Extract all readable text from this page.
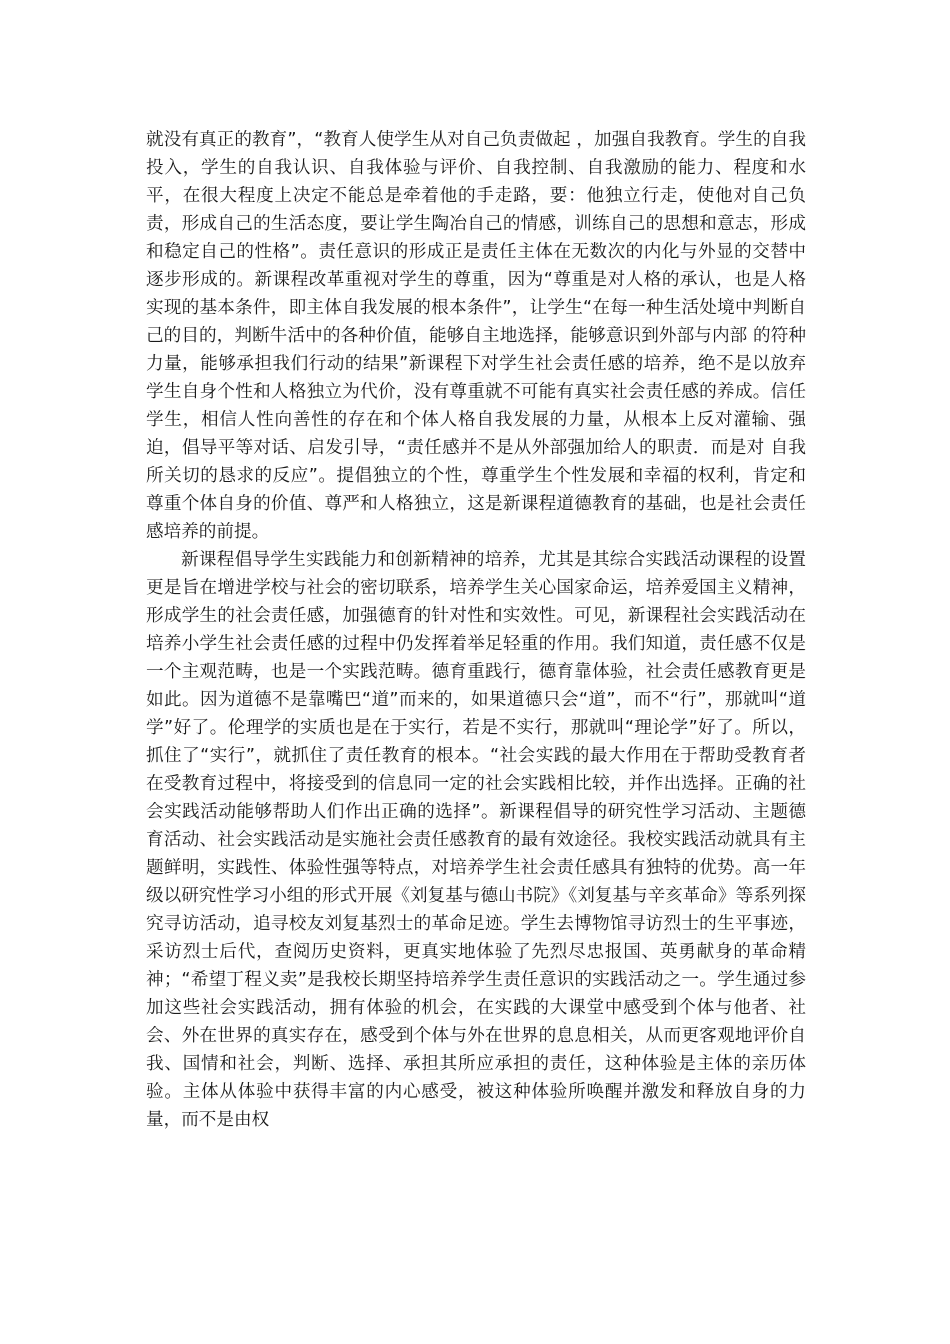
就没有真正的教育”，“教育人使学生从对自己负责做起 ，加强自我教育。学生的自我投入，学生的自我认识、自我体验与评价、自我控制、自我激励的能力、程度和水平，在很大程度上决定不能总是牵着他的手走路，要：他独立行走，使他对自己负责，形成自己的生活态度，要让学生陶冶自己的情感，训练自己的思想和意志，形成和稳定自己的性格”。责任意识的形成正是责任主体在无数次的内化与外显的交替中逐步形成的。新课程改革重视对学生的尊重，因为“尊重是对人格的承认，也是人格实现的基本条件，即主体自我发展的根本条件”，让学生“在每一种生活处境中判断自己的目的，判断牛活中的各种价值，能够自主地选择，能够意识到外部与内部 的符种力量，能够承担我们行动的结果”新课程下对学生社会责任感的培养，绝不是以放弃学生自身个性和人格独立为代价，没有尊重就不可能有真实社会责任感的养成。信任学生，相信人性向善性的存在和个体人格自我发展的力量，从根本上反对灌输、强迫，倡导平等对话、启发引导，“责任感并不是从外部强加给人的职责．而是对 自我所关切的恳求的反应”。提倡独立的个性，尊重学生个性发展和幸福的权利，肯定和尊重个体自身的价值、尊严和人格独立，这是新课程道德教育的基础，也是社会责任感培养的前提。

新课程倡导学生实践能力和创新精神的培养，尤其是其综合实践活动课程的设置更是旨在增进学校与社会的密切联系，培养学生关心国家命运，培养爱国主义精神，形成学生的社会责任感，加强德育的针对性和实效性。可见，新课程社会实践活动在培养小学生社会责任感的过程中仍发挥着举足轻重的作用。我们知道，责任感不仅是一个主观范畴，也是一个实践范畴。德育重践行，德育靠体验，社会责任感教育更是如此。因为道德不是靠嘴巴“道”而来的，如果道德只会“道”，而不“行”，那就叫“道学”好了。伦理学的实质也是在于实行，若是不实行，那就叫“理论学”好了。所以，抓住了“实行”，就抓住了责任教育的根本。“社会实践的最大作用在于帮助受教育者在受教育过程中，将接受到的信息同一定的社会实践相比较，并作出选择。正确的社会实践活动能够帮助人们作出正确的选择”。新课程倡导的研究性学习活动、主题德育活动、社会实践活动是实施社会责任感教育的最有效途径。我校实践活动就具有主题鲜明，实践性、体验性强等特点，对培养学生社会责任感具有独特的优势。高一年级以研究性学习小组的形式开展《刘复基与德山书院》《刘复基与辛亥革命》等系列探究寻访活动，追寻校友刘复基烈士的革命足迹。学生去博物馆寻访烈士的生平事迹，采访烈士后代，查阅历史资料，更真实地体验了先烈尽忠报国、英勇献身的革命精神；“希望丁程义卖”是我校长期坚持培养学生责任意识的实践活动之一。学生通过参加这些社会实践活动，拥有体验的机会，在实践的大课堂中感受到个体与他者、社会、外在世界的真实存在，感受到个体与外在世界的息息相关，从而更客观地评价自我、国情和社会，判断、选择、承担其所应承担的责任，这种体验是主体的亲历体验。主体从体验中获得丰富的内心感受，被这种体验所唤醒并激发和释放自身的力量，而不是由权
